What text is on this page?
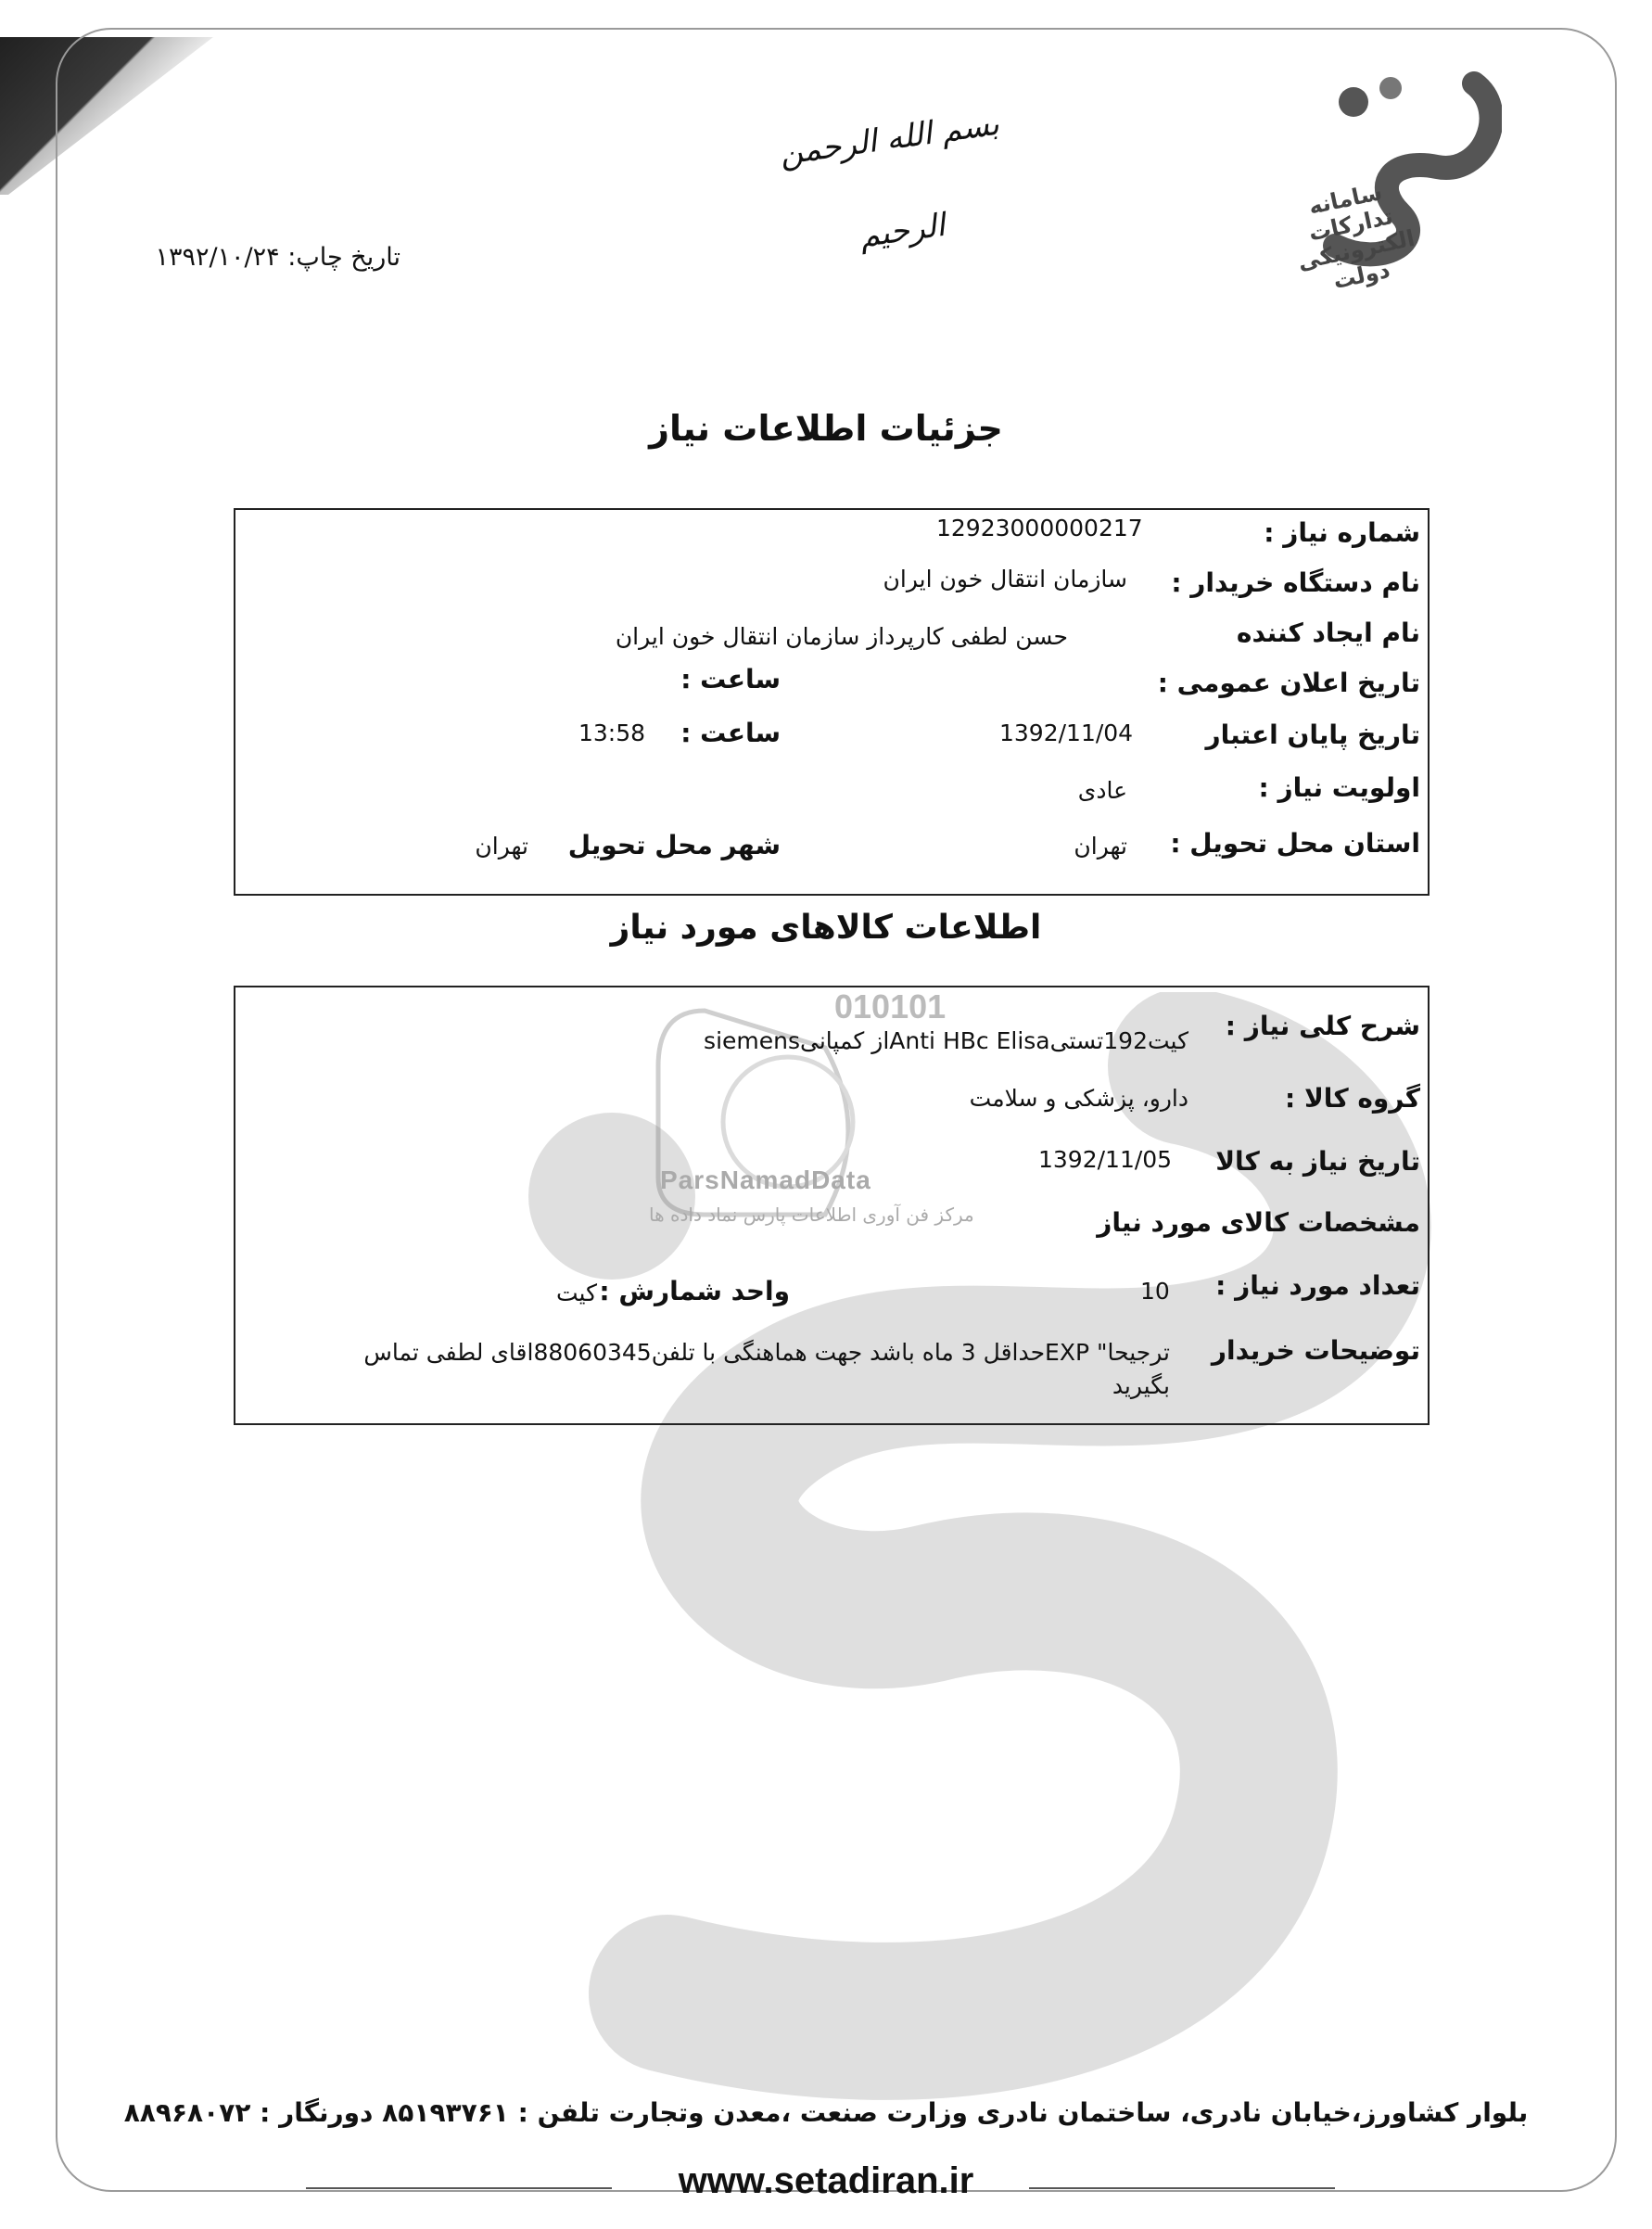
010101
ParsNamadData
مرکز فن آوری اطلاعات پارس نماد داده ها
سامانه تدارکات الکترونیکی دولت
بسم الله الرحمن الرحیم
تاریخ چاپ: ۱۳۹۲/۱۰/۲۴
جزئیات اطلاعات نیاز
شماره نیاز :
12923000000217
نام دستگاه خریدار :
سازمان انتقال خون ایران
نام ایجاد کننده
حسن لطفی کارپرداز سازمان انتقال خون ایران
تاریخ اعلان عمومی :
ساعت :
تاریخ پایان اعتبار
1392/11/04
ساعت :
13:58
اولویت نیاز :
عادی
استان محل تحویل :
تهران
شهر محل تحویل
تهران
اطلاعات کالاهای مورد نیاز
شرح کلی نیاز :
کیت192تستیAnti HBc Elisaاز کمپانیsiemens
گروه کالا :
دارو، پزشکی و سلامت
تاریخ نیاز به کالا
1392/11/05
مشخصات کالای مورد نیاز
تعداد مورد نیاز :
10
واحد شمارش :
کیت
توضیحات خریدار
ترجیحا" EXPحداقل 3 ماه باشد جهت هماهنگی با تلفن88060345اقای لطفی تماس
بگیرید
بلوار کشاورز،خیابان نادری، ساختمان نادری وزارت صنعت ،معدن وتجارت تلفن : ۸۵۱۹۳۷۶۱ دورنگار : ۸۸۹۶۸۰۷۲
www.setadiran.ir
